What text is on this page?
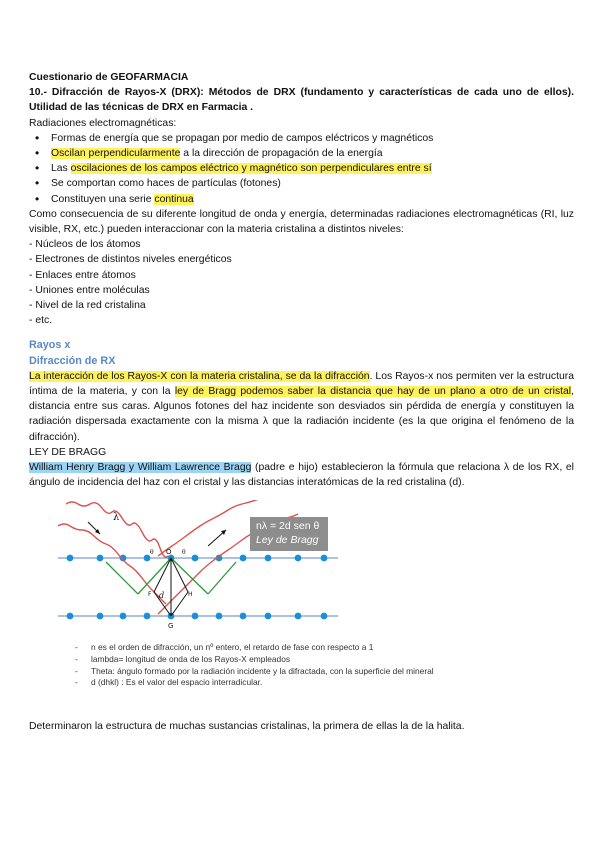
Cuestionario de GEOFARMACIA
10.- Difracción de Rayos-X (DRX): Métodos de DRX (fundamento y características de cada uno de ellos). Utilidad de las técnicas de DRX en Farmacia .
Radiaciones electromagnéticas:
• Formas de energía que se propagan por medio de campos eléctricos y magnéticos
• Oscilan perpendicularmente a la dirección de propagación de la energía
• Las oscilaciones de los campos eléctrico y magnético son perpendiculares entre sí
• Se comportan como haces de partículas (fotones)
• Constituyen una serie continua
Como consecuencia de su diferente longitud de onda y energía, determinadas radiaciones electromagnéticas (RI, luz visible, RX, etc.) pueden interaccionar con la materia cristalina a distintos niveles:
- Núcleos de los átomos
- Electrones de distintos niveles energéticos
- Enlaces entre átomos
- Uniones entre moléculas
- Nivel de la red cristalina
- etc.
Rayos x
Difracción de RX
La interacción de los Rayos-X con la materia cristalina, se da la difracción. Los Rayos-x nos permiten ver la estructura íntima de la materia, y con la ley de Bragg podemos saber la distancia que hay de un plano a otro de un cristal, distancia entre sus caras. Algunos fotones del haz incidente son desviados sin pérdida de energía y constituyen la radiación dispersada exactamente con la misma λ que la radiación incidente (es la que origina el fenómeno de la difracción).
LEY DE BRAGG
William Henry Bragg y William Lawrence Bragg (padre e hijo) establecieron la fórmula que relaciona λ de los RX, el ángulo de incidencia del haz con el cristal y las distancias interatómicas de la red cristalina (d).
λ
O
G
d
F	H
θ	θ
nλ = 2d sen θ
Ley de Bragg
-	n es el orden de difracción, un nº entero, el retardo de fase con respecto a 1
-	lambda= longitud de onda de los Rayos-X empleados
-	Theta: ángulo formado por la radiación incidente y la difractada, con la superficie del mineral
-	d (dhkl) : Es el valor del espacio interradicular.
Determinaron la estructura de muchas sustancias cristalinas, la primera de ellas la de la halita.
